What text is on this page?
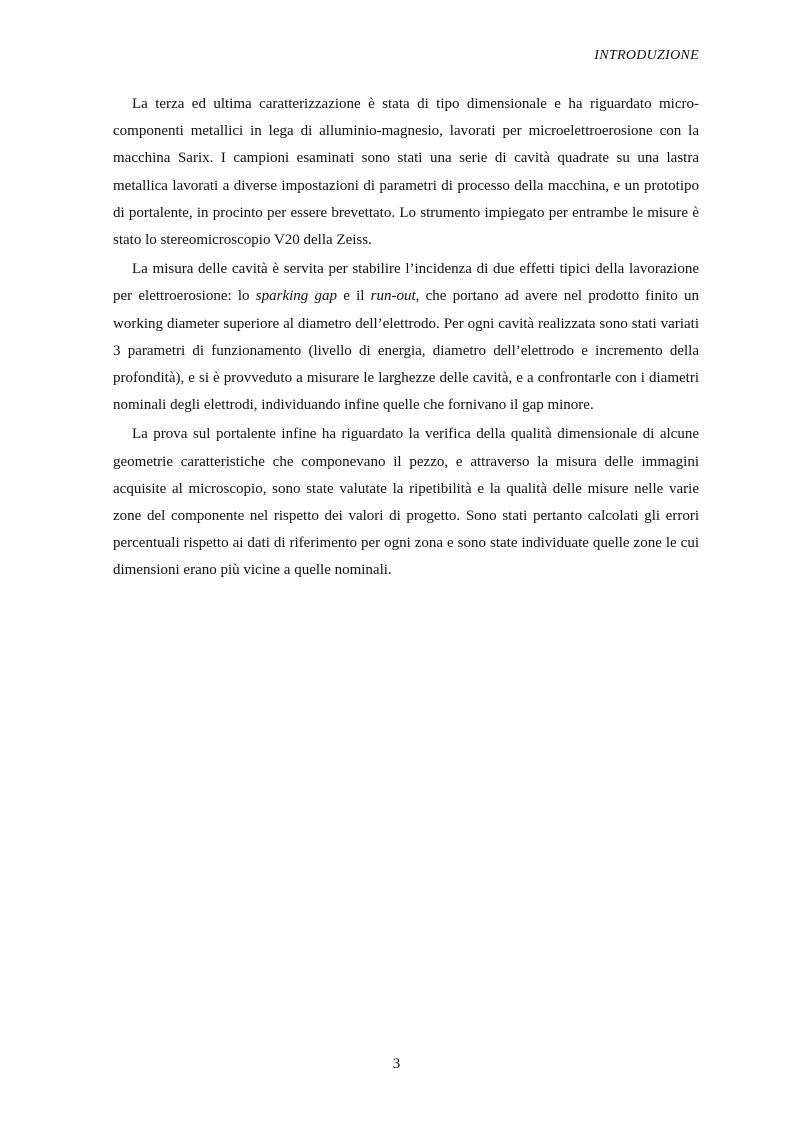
INTRODUZIONE

La terza ed ultima caratterizzazione è stata di tipo dimensionale e ha riguardato micro-componenti metallici in lega di alluminio-magnesio, lavorati per microelettroerosione con la macchina Sarix. I campioni esaminati sono stati una serie di cavità quadrate su una lastra metallica lavorati a diverse impostazioni di parametri di processo della macchina, e un prototipo di portalente, in procinto per essere brevettato. Lo strumento impiegato per entrambe le misure è stato lo stereomicroscopio V20 della Zeiss.

La misura delle cavità è servita per stabilire l’incidenza di due effetti tipici della lavorazione per elettroerosione: lo sparking gap e il run-out, che portano ad avere nel prodotto finito un working diameter superiore al diametro dell’elettrodo. Per ogni cavità realizzata sono stati variati 3 parametri di funzionamento (livello di energia, diametro dell’elettrodo e incremento della profondità), e si è provveduto a misurare le larghezze delle cavità, e a confrontarle con i diametri nominali degli elettrodi, individuando infine quelle che fornivano il gap minore.

La prova sul portalente infine ha riguardato la verifica della qualità dimensionale di alcune geometrie caratteristiche che componevano il pezzo, e attraverso la misura delle immagini acquisite al microscopio, sono state valutate la ripetibilità e la qualità delle misure nelle varie zone del componente nel rispetto dei valori di progetto. Sono stati pertanto calcolati gli errori percentuali rispetto ai dati di riferimento per ogni zona e sono state individuate quelle zone le cui dimensioni erano più vicine a quelle nominali.

3
